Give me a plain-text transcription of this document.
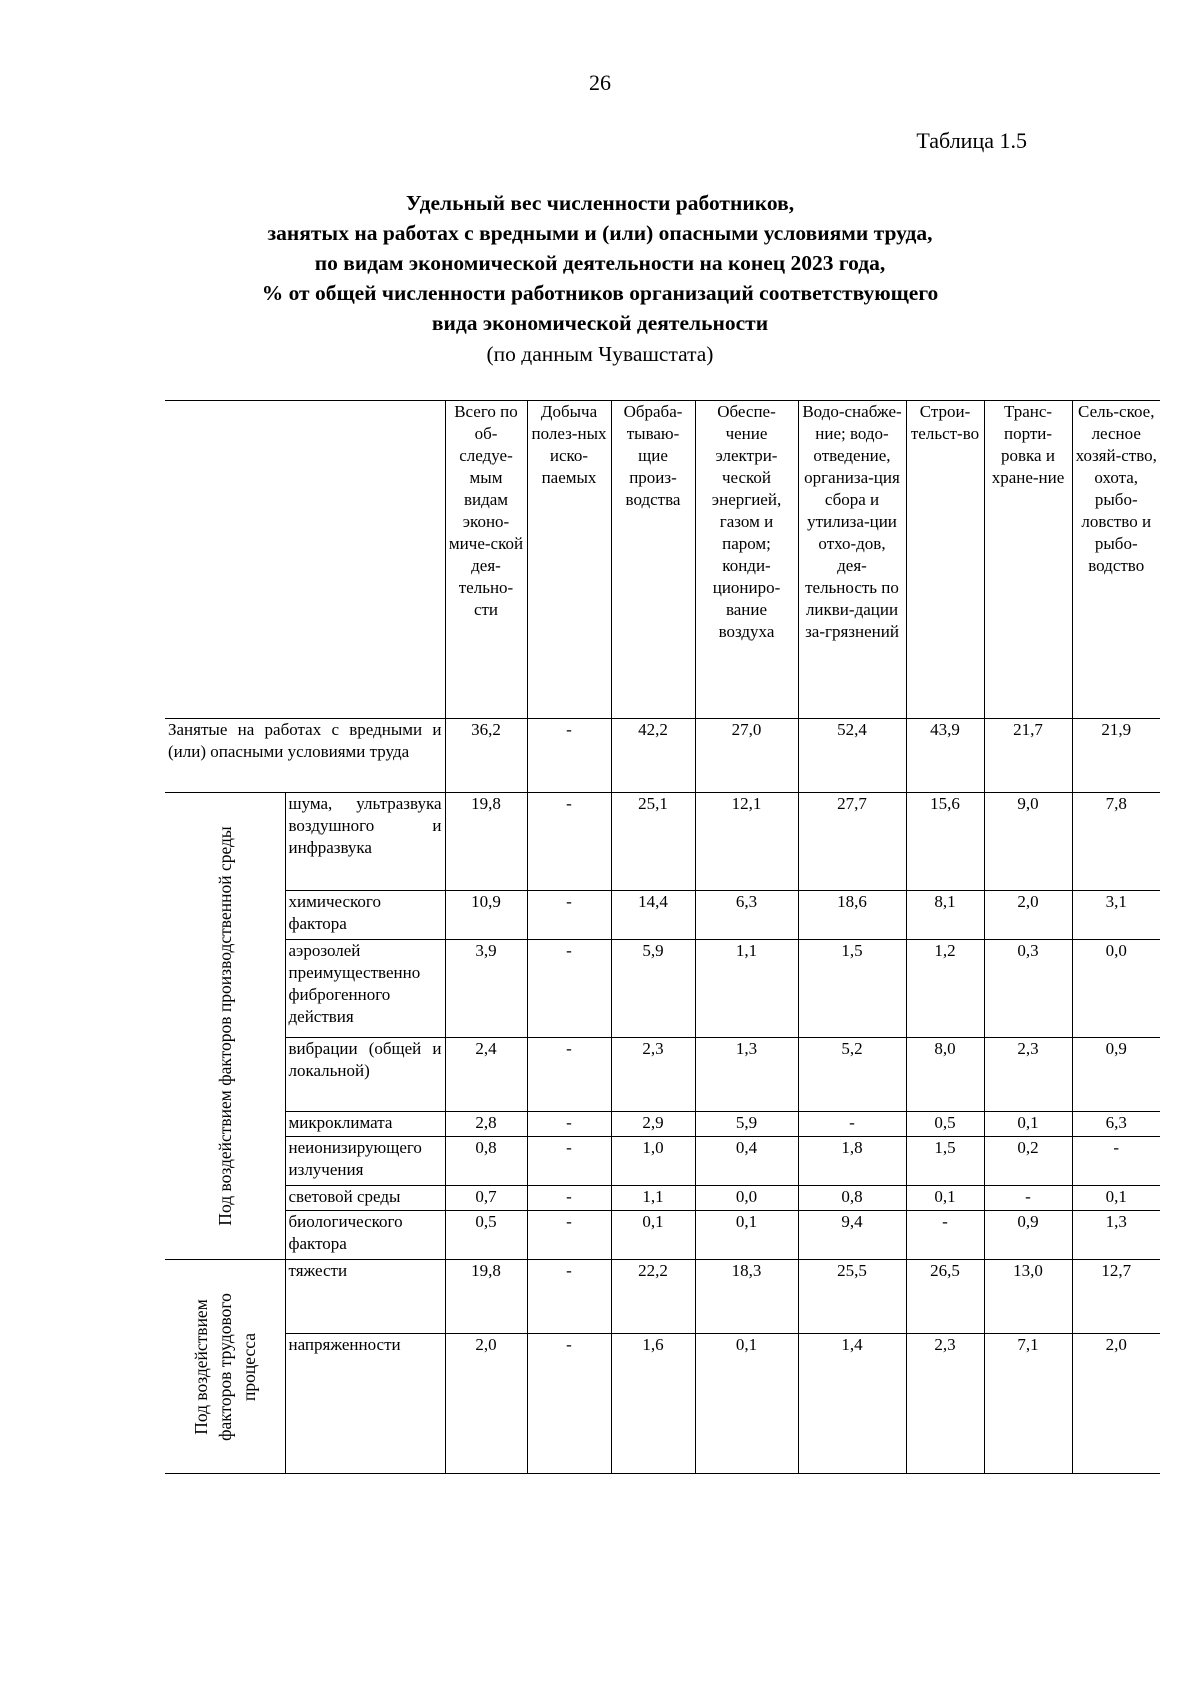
26
Таблица 1.5
Удельный вес численности работников,
занятых на работах с вредными и (или) опасными условиями труда,
по видам экономической деятельности на конец 2023 года,
% от общей численности работников организаций соответствующего
вида экономической деятельности
(по данным Чувашстата)
		Всего по об-следуе-мым видам эконо-миче-ской дея-тельно-сти	Добыча полез-ных иско-паемых	Обраба-тываю-щие произ-водства	Обеспе-чение электри-ческой энергией, газом и паром; конди-циониро-вание воздуха	Водо-снабже-ние; водо-отведение, организа-ция сбора и утилиза-ции отхо-дов, дея-тельность по ликви-дации за-грязнений	Строи-тельст-во	Транс-порти-ровка и хране-ние	Сель-ское, лесное хозяй-ство, охота, рыбо-ловство и рыбо-водство
Занятые на работах с вредными и (или) опасными условиями труда		36,2	-	42,2	27,0	52,4	43,9	21,7	21,9

Под воздействием факторов производственной среды	шума, ультразвука воздушного и инфразвука	19,8	-	25,1	12,1	27,7	15,6	9,0	7,8
	химического фактора	10,9	-	14,4	6,3	18,6	8,1	2,0	3,1
	аэрозолей преимущественно фиброгенного действия	3,9	-	5,9	1,1	1,5	1,2	0,3	0,0
	вибрации (общей и локальной)	2,4	-	2,3	1,3	5,2	8,0	2,3	0,9
	микроклимата	2,8	-	2,9	5,9	-	0,5	0,1	6,3
	неионизирующего излучения	0,8	-	1,0	0,4	1,8	1,5	0,2	-
	световой среды	0,7	-	1,1	0,0	0,8	0,1	-	0,1
	биологического фактора	0,5	-	0,1	0,1	9,4	-	0,9	1,3

Под воздействием факторов трудового процесса	тяжести	19,8	-	22,2	18,3	25,5	26,5	13,0	12,7
	напряженности	2,0	-	1,6	0,1	1,4	2,3	7,1	2,0
